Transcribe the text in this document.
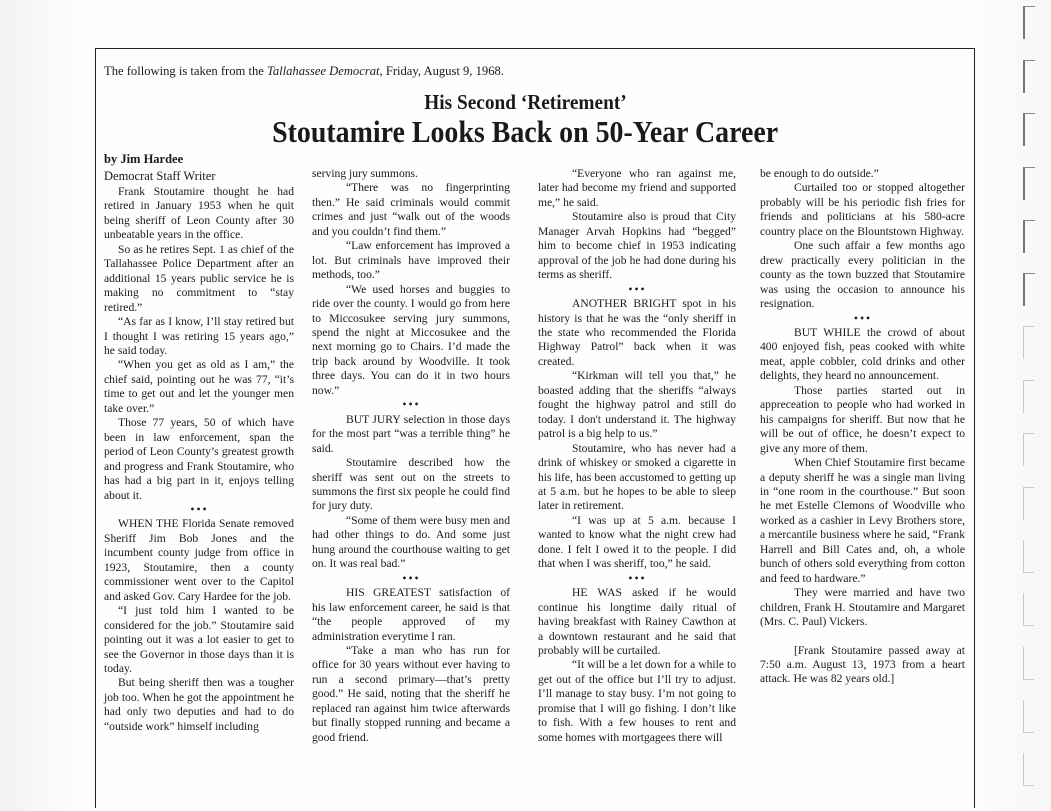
The following is taken from the Tallahassee Democrat, Friday, August 9, 1968.
His Second ‘Retirement’
Stoutamire Looks Back on 50-Year Career
by Jim Hardee
Democrat Staff Writer

Frank Stoutamire thought he had retired in January 1953 when he quit being sheriff of Leon County after 30 unbeatable years in the office.

So as he retires Sept. 1 as chief of the Tallahassee Police Department after an additional 15 years public service he is making no commitment to “stay retired.”

“As far as I know, I’ll stay retired but I thought I was retiring 15 years ago,” he said today.

“When you get as old as I am,” the chief said, pointing out he was 77, “it’s time to get out and let the younger men take over.”

Those 77 years, 50 of which have been in law enforcement, span the period of Leon County’s greatest growth and progress and Frank Stoutamire, who has had a big part in it, enjoys telling about it.

•••

WHEN THE Florida Senate removed Sheriff Jim Bob Jones and the incumbent county judge from office in 1923, Stoutamire, then a county commissioner went over to the Capitol and asked Gov. Cary Hardee for the job.

“I just told him I wanted to be considered for the job.” Stoutamire said pointing out it was a lot easier to get to see the Governor in those days than it is today.

But being sheriff then was a tougher job too. When he got the appointment he had only two deputies and had to do “outside work” himself including

serving jury summons.

“There was no fingerprinting then.” He said criminals would commit crimes and just “walk out of the woods and you couldn’t find them.”

“Law enforcement has improved a lot. But criminals have improved their methods, too.”

“We used horses and buggies to ride over the county. I would go from here to Miccosukee serving jury summons, spend the night at Miccosukee and the next morning go to Chairs. I’d made the trip back around by Woodville. It took three days. You can do it in two hours now.”

•••

BUT JURY selection in those days for the most part “was a terrible thing” he said.

Stoutamire described how the sheriff was sent out on the streets to summons the first six people he could find for jury duty.

“Some of them were busy men and had other things to do. And some just hung around the courthouse waiting to get on. It was real bad.”

•••

HIS GREATEST satisfaction of his law enforcement career, he said is that “the people approved of my administration everytime I ran.

“Take a man who has run for office for 30 years without ever having to run a second primary—that’s pretty good.” He said, noting that the sheriff he replaced ran against him twice afterwards but finally stopped running and became a good friend.

“Everyone who ran against me, later had become my friend and supported me,” he said.

Stoutamire also is proud that City Manager Arvah Hopkins had “begged” him to become chief in 1953 indicating approval of the job he had done during his terms as sheriff.

•••

ANOTHER BRIGHT spot in his history is that he was the “only sheriff in the state who recommended the Florida Highway Patrol” back when it was created.

“Kirkman will tell you that,” he boasted adding that the sheriffs “always fought the highway patrol and still do today. I don't understand it. The highway patrol is a big help to us.”

Stoutamire, who has never had a drink of whiskey or smoked a cigarette in his life, has been accustomed to getting up at 5 a.m. but he hopes to be able to sleep later in retirement.

“I was up at 5 a.m. because I wanted to know what the night crew had done. I felt I owed it to the people. I did that when I was sheriff, too,” he said.

•••

HE WAS asked if he would continue his longtime daily ritual of having breakfast with Rainey Cawthon at a downtown restaurant and he said that probably will be curtailed.

“It will be a let down for a while to get out of the office but I’ll try to adjust. I’ll manage to stay busy. I’m not going to promise that I will go fishing. I don’t like to fish. With a few houses to rent and some homes with mortgagees there will

be enough to do outside.”

Curtailed too or stopped altogether probably will be his periodic fish fries for friends and politicians at his 580-acre country place on the Blountstown Highway.

One such affair a few months ago drew practically every politician in the county as the town buzzed that Stoutamire was using the occasion to announce his resignation.

•••

BUT WHILE the crowd of about 400 enjoyed fish, peas cooked with white meat, apple cobbler, cold drinks and other delights, they heard no announcement.

Those parties started out in appreceation to people who had worked in his campaigns for sheriff. But now that he will be out of office, he doesn’t expect to give any more of them.

When Chief Stoutamire first became a deputy sheriff he was a single man living in “one room in the courthouse.” But soon he met Estelle Clemons of Woodville who worked as a cashier in Levy Brothers store, a mercantile business where he said, “Frank Harrell and Bill Cates and, oh, a whole bunch of others sold everything from cotton and feed to hardware.”

They were married and have two children, Frank H. Stoutamire and Margaret (Mrs. C. Paul) Vickers.

[Frank Stoutamire passed away at 7:50 a.m. August 13, 1973 from a heart attack. He was 82 years old.]
